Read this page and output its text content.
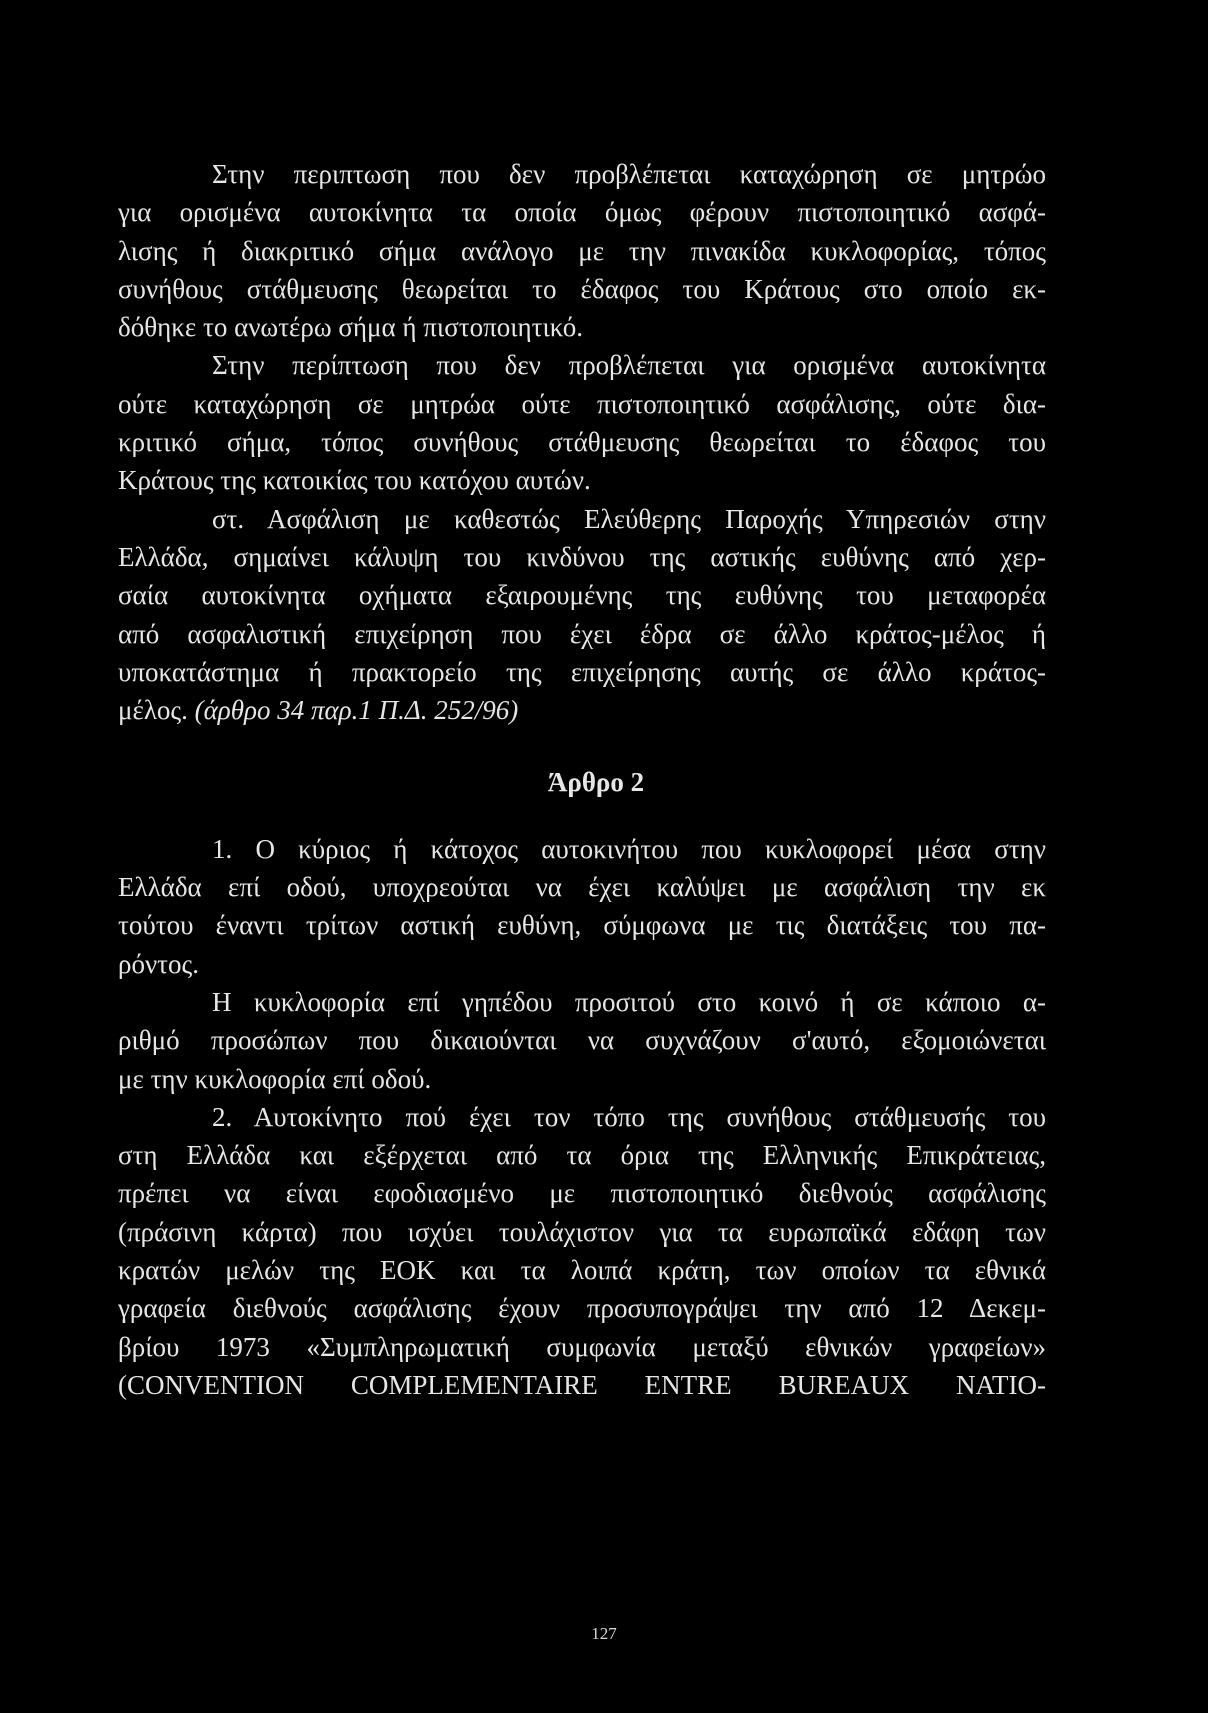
Στην περιπτωση που δεν προβλέπεται καταχώρηση σε μητρώο
για ορισμένα αυτοκίνητα τα οποία όμως φέρουν πιστοποιητικό ασφά-
λισης ή διακριτικό σήμα ανάλογο με την πινακίδα κυκλοφορίας, τόπος
συνήθους στάθμευσης θεωρείται το έδαφος του Κράτους στο οποίο εκ-
δόθηκε το ανωτέρω σήμα ή πιστοποιητικό.
Στην περίπτωση που δεν προβλέπεται για ορισμένα αυτοκίνητα
ούτε καταχώρηση σε μητρώα ούτε πιστοποιητικό ασφάλισης, ούτε δια-
κριτικό σήμα, τόπος συνήθους στάθμευσης θεωρείται το έδαφος του
Κράτους της κατοικίας του κατόχου αυτών.
στ. Ασφάλιση με καθεστώς Ελεύθερης Παροχής Υπηρεσιών στην
Ελλάδα, σημαίνει κάλυψη του κινδύνου της αστικής ευθύνης από χερ-
σαία αυτοκίνητα οχήματα εξαιρουμένης της ευθύνης του μεταφορέα
από ασφαλιστική επιχείρηση που έχει έδρα σε άλλο κράτος-μέλος ή
υποκατάστημα ή πρακτορείο της επιχείρησης αυτής σε άλλο κράτος-
μέλος. (άρθρο 34 παρ.1 Π.Δ. 252/96)
Άρθρο 2
1. Ο κύριος ή κάτοχος αυτοκινήτου που κυκλοφορεί μέσα στην
Ελλάδα επί οδού, υποχρεούται να έχει καλύψει με ασφάλιση την εκ
τούτου έναντι τρίτων αστική ευθύνη, σύμφωνα με τις διατάξεις του πα-
ρόντος.
Η κυκλοφορία επί γηπέδου προσιτού στο κοινό ή σε κάποιο α-
ριθμό προσώπων που δικαιούνται να συχνάζουν σ'αυτό, εξομοιώνεται
με την κυκλοφορία επί οδού.
2. Αυτοκίνητο πού έχει τον τόπο της συνήθους στάθμευσής του
στη Ελλάδα και εξέρχεται από τα όρια της Ελληνικής Επικράτειας,
πρέπει να είναι εφοδιασμένο με πιστοποιητικό διεθνούς ασφάλισης
(πράσινη κάρτα) που ισχύει τουλάχιστον για τα ευρωπαϊκά εδάφη των
κρατών μελών της ΕΟΚ και τα λοιπά κράτη, των οποίων τα εθνικά
γραφεία διεθνούς ασφάλισης έχουν προσυπογράψει την από 12 Δεκεμ-
βρίου 1973 «Συμπληρωματική συμφωνία μεταξύ εθνικών γραφείων»
(CONVENTION COMPLEMENTAIRE ENTRE BUREAUX NATIO-
127
